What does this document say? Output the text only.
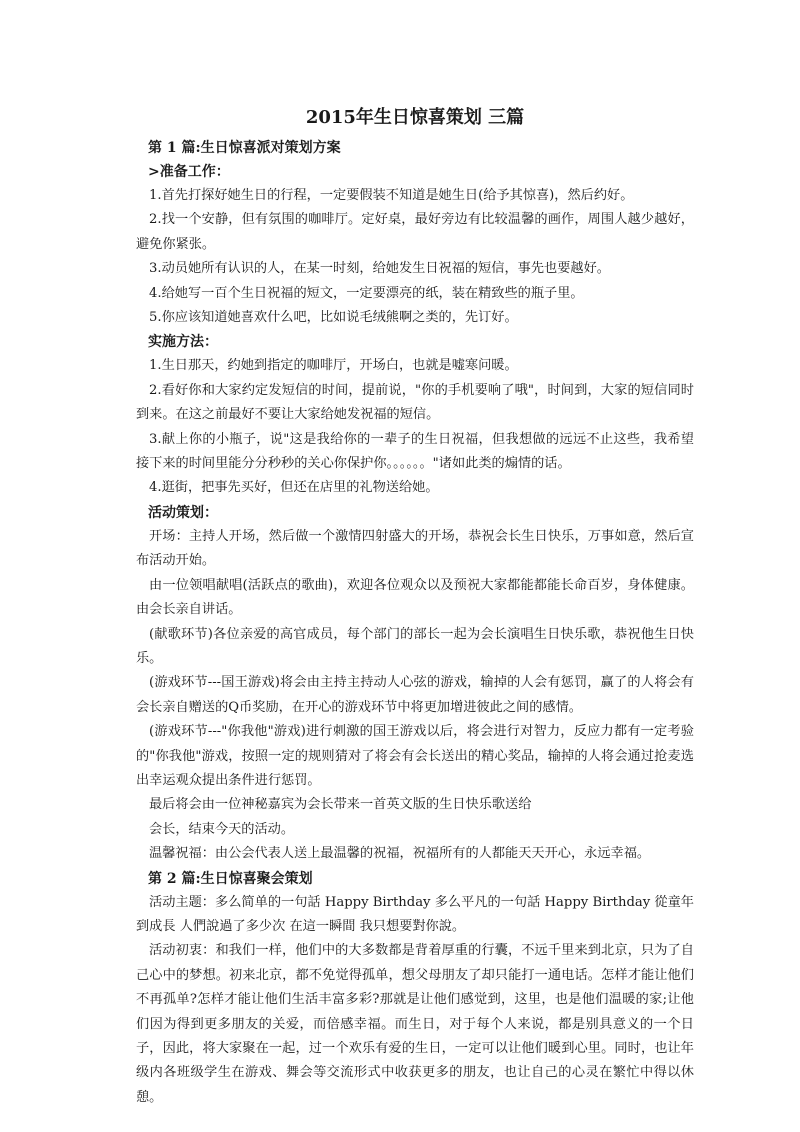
2015年生日惊喜策划 三篇
第 1 篇:生日惊喜派对策划方案
>准备工作：

1.首先打探好她生日的行程，一定要假装不知道是她生日(给予其惊喜)，然后约好。

2.找一个安静，但有氛围的咖啡厅。定好桌，最好旁边有比较温馨的画作，周围人越少越好，避免你紧张。

3.动员她所有认识的人，在某一时刻，给她发生日祝福的短信，事先也要越好。

4.给她写一百个生日祝福的短文，一定要漂亮的纸，装在精致些的瓶子里。

5.你应该知道她喜欢什么吧，比如说毛绒熊啊之类的，先订好。

实施方法：

1.生日那天，约她到指定的咖啡厅，开场白，也就是嘘寒问暖。

2.看好你和大家约定发短信的时间，提前说，"你的手机要响了哦"，时间到，大家的短信同时到来。在这之前最好不要让大家给她发祝福的短信。

3.献上你的小瓶子，说"这是我给你的一辈子的生日祝福，但我想做的远远不止这些，我希望接下来的时间里能分分秒秒的关心你保护你。。。。。。"诸如此类的煽情的话。

4.逛街，把事先买好，但还在店里的礼物送给她。

活动策划：

开场：主持人开场，然后做一个激情四射盛大的开场，恭祝会长生日快乐，万事如意，然后宣布活动开始。

由一位领唱献唱(活跃点的歌曲)，欢迎各位观众以及预祝大家都能都能长命百岁，身体健康。 由会长亲自讲话。

(献歌环节)各位亲爱的高官成员，每个部门的部长一起为会长演唱生日快乐歌，恭祝他生日快乐。

(游戏环节---国王游戏)将会由主持主持动人心弦的游戏，输掉的人会有惩罚，赢了的人将会有会长亲自赠送的Q币奖励，在开心的游戏环节中将更加增进彼此之间的感情。

(游戏环节---"你我他"游戏)进行刺激的国王游戏以后，将会进行对智力，反应力都有一定考验的"你我他"游戏，按照一定的规则猜对了将会有会长送出的精心奖品，输掉的人将会通过抢麦选出幸运观众提出条件进行惩罚。

最后将会由一位神秘嘉宾为会长带来一首英文版的生日快乐歌送给

会长，结束今天的活动。

温馨祝福：由公会代表人送上最温馨的祝福，祝福所有的人都能天天开心，永远幸福。

第 2 篇:生日惊喜聚会策划

活动主题：多么简单的一句話 Happy Birthday 多么平凡的一句話 Happy Birthday 從童年到成長 人們說過了多少次 在這一瞬間 我只想要對你說。

活动初衷：和我们一样，他们中的大多数都是背着厚重的行囊，不远千里来到北京，只为了自己心中的梦想。初来北京，都不免觉得孤单，想父母朋友了却只能打一通电话。怎样才能让他们不再孤单?怎样才能让他们生活丰富多彩?那就是让他们感觉到，这里，也是他们温暖的家;让他们因为得到更多朋友的关爱，而倍感幸福。而生日，对于每个人来说，都是别具意义的一个日子，因此，将大家聚在一起，过一个欢乐有爱的生日，一定可以让他们暖到心里。同时，也让年级内各班级学生在游戏、舞会等交流形式中收获更多的朋友，也让自己的心灵在繁忙中得以休憩。
